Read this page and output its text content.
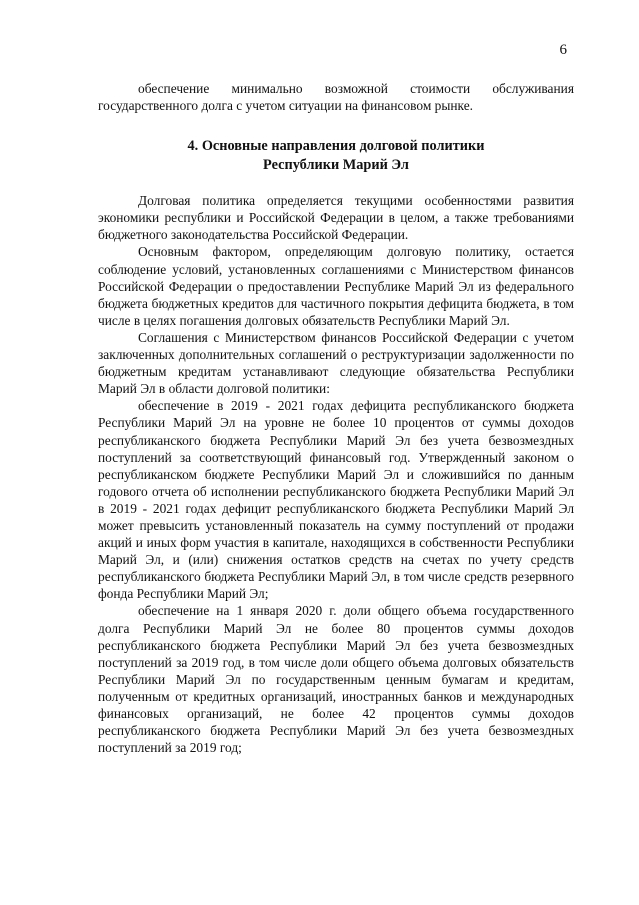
6

обеспечение минимально возможной стоимости обслуживания государственного долга с учетом ситуации на финансовом рынке.

4. Основные направления долговой политики
Республики Марий Эл

Долговая политика определяется текущими особенностями развития экономики республики и Российской Федерации в целом, а также требованиями бюджетного законодательства Российской Федерации.

Основным фактором, определяющим долговую политику, остается соблюдение условий, установленных соглашениями с Министерством финансов Российской Федерации о предоставлении Республике Марий Эл из федерального бюджета бюджетных кредитов для частичного покрытия дефицита бюджета, в том числе в целях погашения долговых обязательств Республики Марий Эл.

Соглашения с Министерством финансов Российской Федерации с учетом заключенных дополнительных соглашений о реструктуризации задолженности по бюджетным кредитам устанавливают следующие обязательства Республики Марий Эл в области долговой политики:

обеспечение в 2019 - 2021 годах дефицита республиканского бюджета Республики Марий Эл на уровне не более 10 процентов от суммы доходов республиканского бюджета Республики Марий Эл без учета безвозмездных поступлений за соответствующий финансовый год. Утвержденный законом о республиканском бюджете Республики Марий Эл и сложившийся по данным годового отчета об исполнении республиканского бюджета Республики Марий Эл в 2019 - 2021 годах дефицит республиканского бюджета Республики Марий Эл может превысить установленный показатель на сумму поступлений от продажи акций и иных форм участия в капитале, находящихся в собственности Республики Марий Эл, и (или) снижения остатков средств на счетах по учету средств республиканского бюджета Республики Марий Эл, в том числе средств резервного фонда Республики Марий Эл;

обеспечение на 1 января 2020 г. доли общего объема государственного долга Республики Марий Эл не более 80 процентов суммы доходов республиканского бюджета Республики Марий Эл без учета безвозмездных поступлений за 2019 год, в том числе доли общего объема долговых обязательств Республики Марий Эл по государственным ценным бумагам и кредитам, полученным от кредитных организаций, иностранных банков и международных финансовых организаций, не более 42 процентов суммы доходов республиканского бюджета Республики Марий Эл без учета безвозмездных поступлений за 2019 год;
